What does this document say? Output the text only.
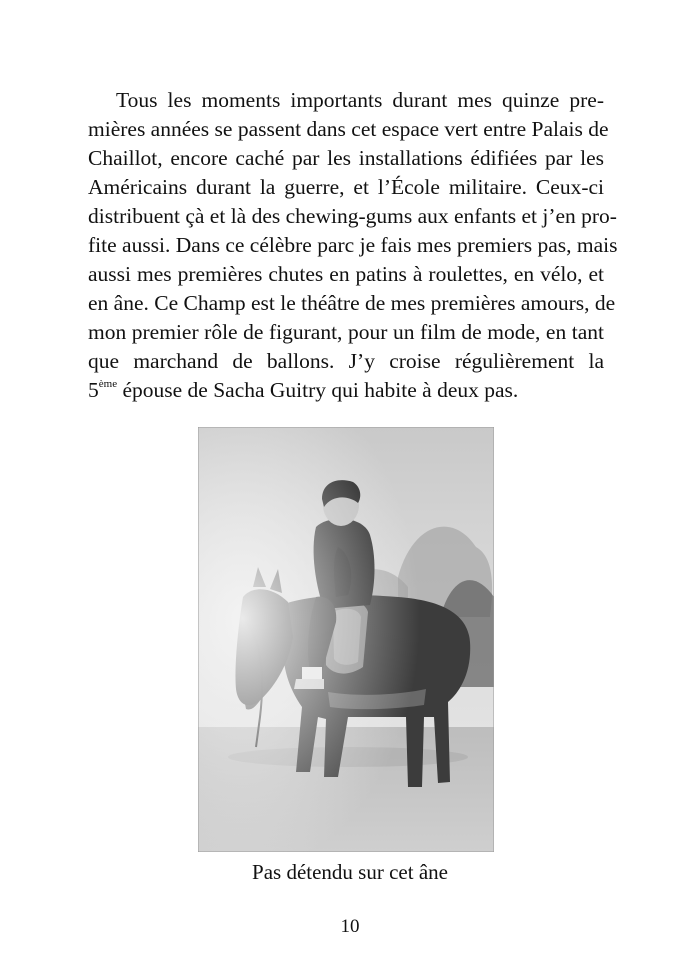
Tous les moments importants durant mes quinze pre-
mières années se passent dans cet espace vert entre Palais de
Chaillot, encore caché par les installations édifiées par les
Américains durant la guerre, et l’École militaire. Ceux-ci
distribuent çà et là des chewing-gums aux enfants et j’en pro-
fite aussi. Dans ce célèbre parc je fais mes premiers pas, mais
aussi mes premières chutes en patins à roulettes, en vélo, et
en âne. Ce Champ est le théâtre de mes premières amours, de
mon premier rôle de figurant, pour un film de mode, en tant
que marchand de ballons. J’y croise régulièrement la
5ème épouse de Sacha Guitry qui habite à deux pas.
Pas détendu sur cet âne
10
